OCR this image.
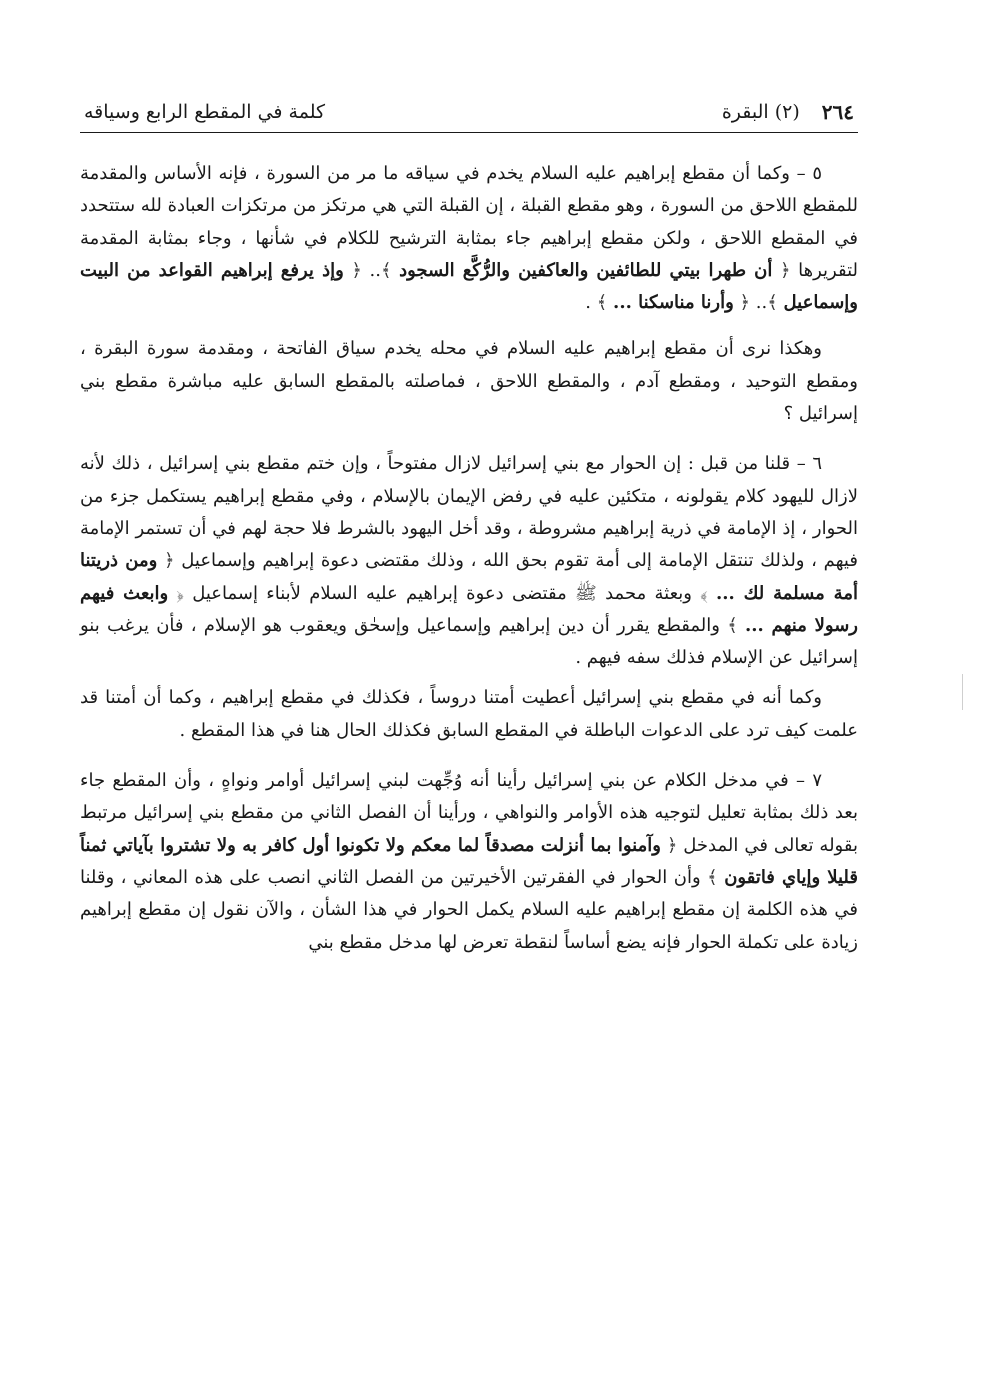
٢٦٤
(٢) البقرة
كلمة في المقطع الرابع وسياقه

٥ – وكما أن مقطع إبراهيم عليه السلام يخدم في سياقه ما مر من السورة ، فإنه الأساس والمقدمة للمقطع اللاحق من السورة ، وهو مقطع القبلة ، إن القبلة التي هي مرتكز من مرتكزات العبادة لله ستتحدد في المقطع اللاحق ، ولكن مقطع إبراهيم جاء بمثابة الترشيح للكلام في شأنها ، وجاء بمثابة المقدمة لتقريرها ﴿ أن طهرا بيتي للطائفين والعاكفين والرُّكَّع السجود ﴾.. ﴿ وإذ يرفع إبراهيم القواعد من البيت وإسماعيل ﴾.. ﴿ وأرنا مناسكنا ... ﴾ .

وهكذا نرى أن مقطع إبراهيم عليه السلام في محله يخدم سياق الفاتحة ، ومقدمة سورة البقرة ، ومقطع التوحيد ، ومقطع آدم ، والمقطع اللاحق ، فماصلته بالمقطع السابق عليه مباشرة مقطع بني إسرائيل ؟

٦ – قلنا من قبل : إن الحوار مع بني إسرائيل لازال مفتوحاً ، وإن ختم مقطع بني إسرائيل ، ذلك لأنه لازال لليهود كلام يقولونه ، متكئين عليه في رفض الإيمان بالإسلام ، وفي مقطع إبراهيم يستكمل جزء من الحوار ، إذ الإمامة في ذرية إبراهيم مشروطة ، وقد أخل اليهود بالشرط فلا حجة لهم في أن تستمر الإمامة فيهم ، ولذلك تنتقل الإمامة إلى أمة تقوم بحق الله ، وذلك مقتضى دعوة إبراهيم وإسماعيل ﴿ ومن ذريتنا أمة مسلمة لك ... ﴾ وبعثة محمد ﷺ مقتضى دعوة إبراهيم عليه السلام لأبناء إسماعيل ﴿ وابعث فيهم رسولا منهم ... ﴾ والمقطع يقرر أن دين إبراهيم وإسماعيل وإسحٰق ويعقوب هو الإسلام ، فأن يرغب بنو إسرائيل عن الإسلام فذلك سفه فيهم .

وكما أنه في مقطع بني إسرائيل أعطيت أمتنا دروساً ، فكذلك في مقطع إبراهيم ، وكما أن أمتنا قد علمت كيف ترد على الدعوات الباطلة في المقطع السابق فكذلك الحال هنا في هذا المقطع .

٧ – في مدخل الكلام عن بني إسرائيل رأينا أنه وُجِّهت لبني إسرائيل أوامر ونواهٍ ، وأن المقطع جاء بعد ذلك بمثابة تعليل لتوجيه هذه الأوامر والنواهي ، ورأينا أن الفصل الثاني من مقطع بني إسرائيل مرتبط بقوله تعالى في المدخل ﴿ وآمنوا بما أنزلت مصدقاً لما معكم ولا تكونوا أول كافر به ولا تشتروا بآياتي ثمناً قليلا وإياي فاتقون ﴾ وأن الحوار في الفقرتين الأخيرتين من الفصل الثاني انصب على هذه المعاني ، وقلنا في هذه الكلمة إن مقطع إبراهيم عليه السلام يكمل الحوار في هذا الشأن ، والآن نقول إن مقطع إبراهيم زيادة على تكملة الحوار فإنه يضع أساساً لنقطة تعرض لها مدخل مقطع بني
